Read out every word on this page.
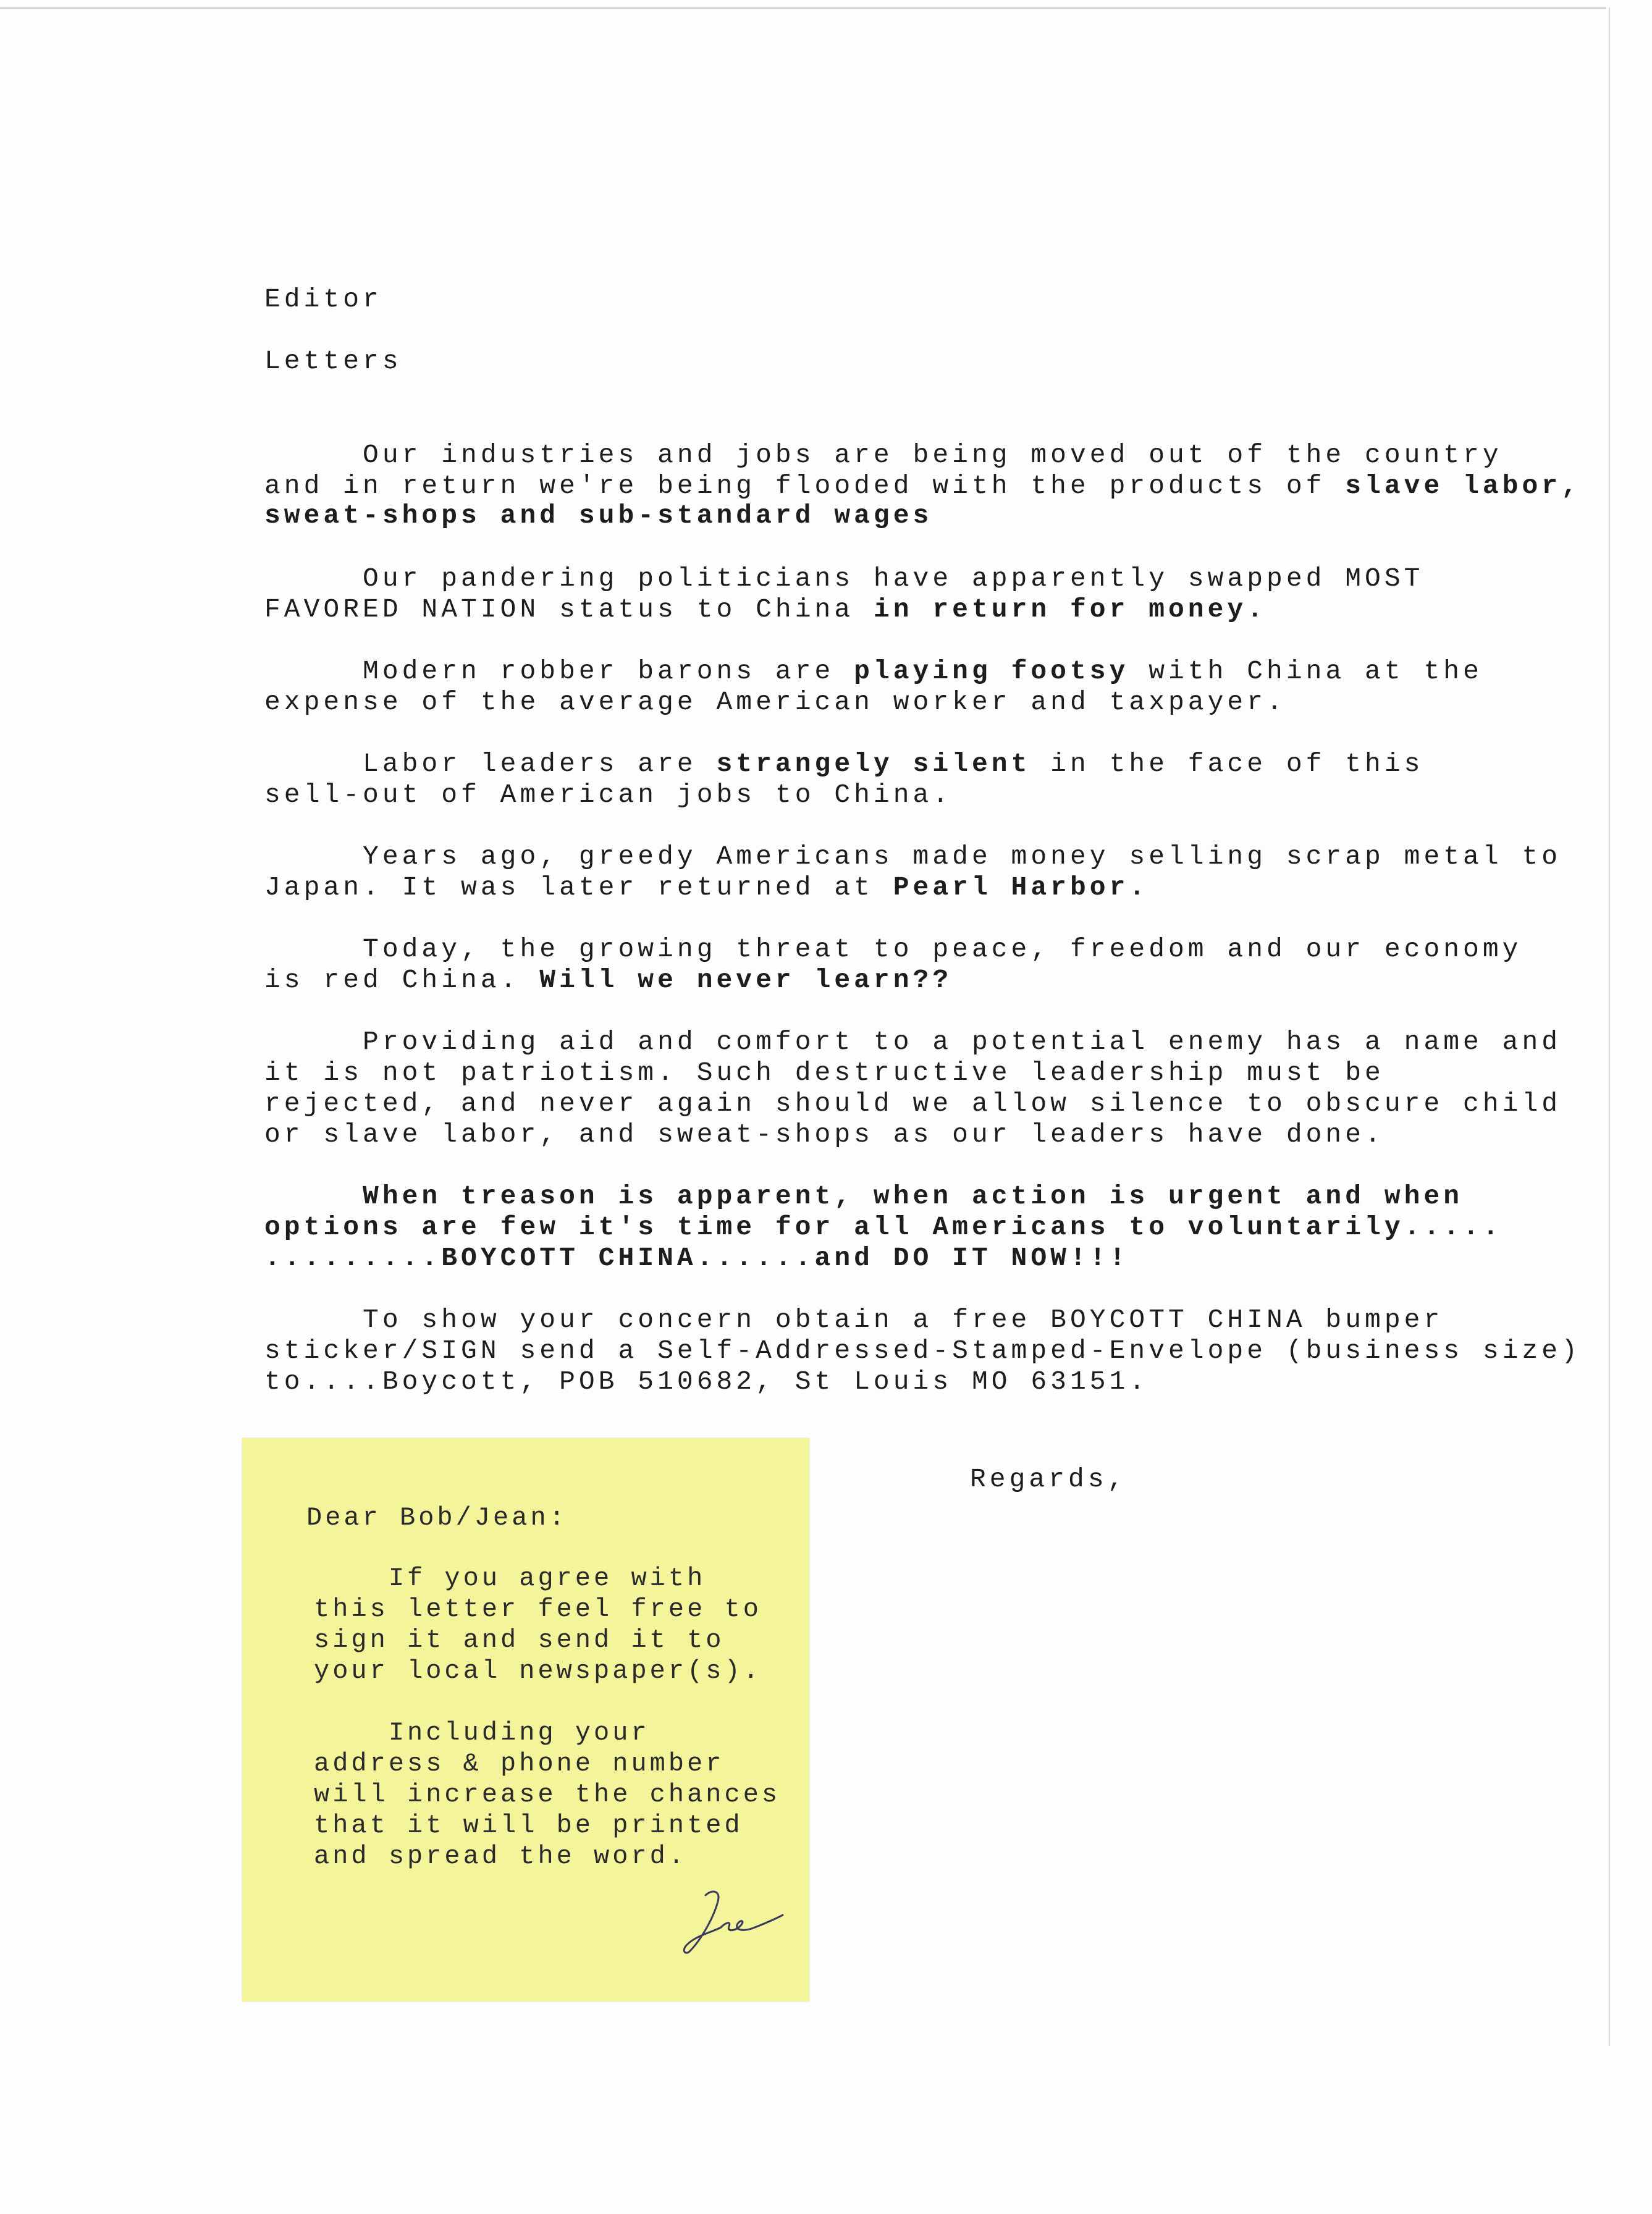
Editor
Letters
Our industries and jobs are being moved out of the country
and in return we're being flooded with the products of slave labor,
sweat-shops and sub-standard wages
Our pandering politicians have apparently swapped MOST
FAVORED NATION status to China in return for money.
Modern robber barons are playing footsy with China at the
expense of the average American worker and taxpayer.
Labor leaders are strangely silent in the face of this
sell-out of American jobs to China.
Years ago, greedy Americans made money selling scrap metal to
Japan. It was later returned at Pearl Harbor.
Today, the growing threat to peace, freedom and our economy
is red China. Will we never learn??
Providing aid and comfort to a potential enemy has a name and
it is not patriotism. Such destructive leadership must be
rejected, and never again should we allow silence to obscure child
or slave labor, and sweat-shops as our leaders have done.
When treason is apparent, when action is urgent and when
options are few it's time for all Americans to voluntarily.....
.........BOYCOTT CHINA......and DO IT NOW!!!
To show your concern obtain a free BOYCOTT CHINA bumper
sticker/SIGN send a Self-Addressed-Stamped-Envelope (business size)
to....Boycott, POB 510682, St Louis MO 63151.
Regards,
Dear Bob/Jean:
If you agree with
this letter feel free to
sign it and send it to
your local newspaper(s).
Including your
address & phone number
will increase the chances
that it will be printed
and spread the word.
